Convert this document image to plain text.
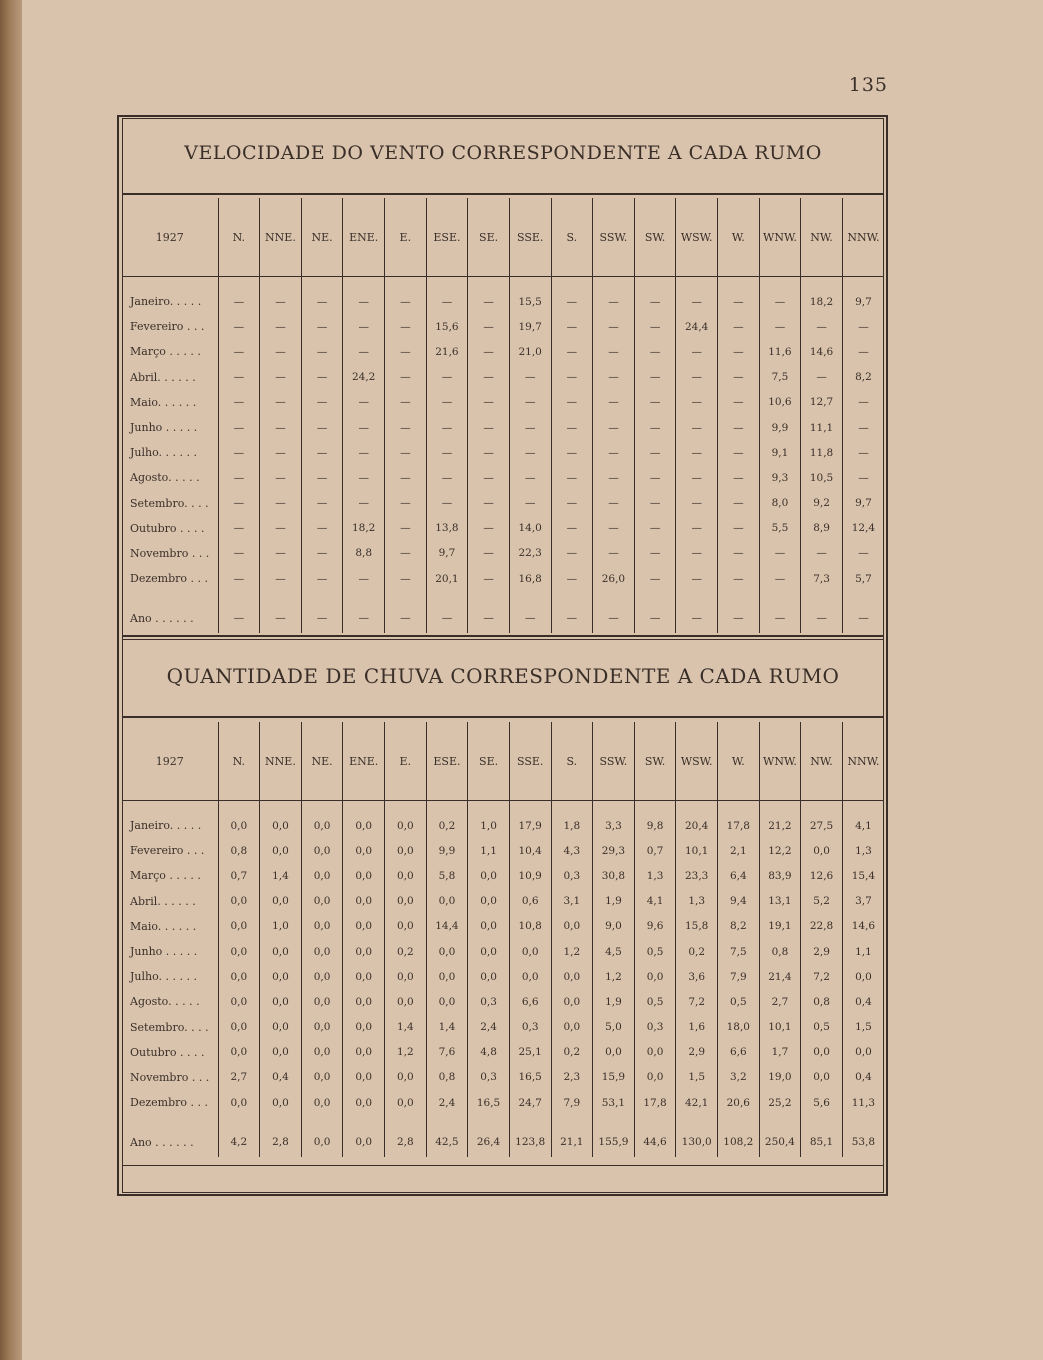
135
VELOCIDADE DO VENTO CORRESPONDENTE A CADA RUMO
1927	N.	NNE.	NE.	ENE.	E.	ESE.	SE.	SSE.	S.	SSW.	SW.	WSW.	W.	WNW.	NW.	NNW.

Janeiro. . . . .	—	—	—	—	—	—	—	15,5	—	—	—	—	—	—	18,2	9,7
Fevereiro . . .	—	—	—	—	—	15,6	—	19,7	—	—	—	24,4	—	—	—	—
Março . . . . .	—	—	—	—	—	21,6	—	21,0	—	—	—	—	—	11,6	14,6	—
Abril. . . . . .	—	—	—	24,2	—	—	—	—	—	—	—	—	—	7,5	—	8,2
Maio. . . . . .	—	—	—	—	—	—	—	—	—	—	—	—	—	10,6	12,7	—
Junho . . . . .	—	—	—	—	—	—	—	—	—	—	—	—	—	9,9	11,1	—
Julho. . . . . .	—	—	—	—	—	—	—	—	—	—	—	—	—	9,1	11,8	—
Agosto. . . . .	—	—	—	—	—	—	—	—	—	—	—	—	—	9,3	10,5	—
Setembro. . . .	—	—	—	—	—	—	—	—	—	—	—	—	—	8,0	9,2	9,7
Outubro . . . .	—	—	—	18,2	—	13,8	—	14,0	—	—	—	—	—	5,5	8,9	12,4
Novembro . . .	—	—	—	8,8	—	9,7	—	22,3	—	—	—	—	—	—	—	—
Dezembro . . .	—	—	—	—	—	20,1	—	16,8	—	26,0	—	—	—	—	7,3	5,7

Ano . . . . . .	—	—	—	—	—	—	—	—	—	—	—	—	—	—	—	—
QUANTIDADE DE CHUVA CORRESPONDENTE A CADA RUMO
1927	N.	NNE.	NE.	ENE.	E.	ESE.	SE.	SSE.	S.	SSW.	SW.	WSW.	W.	WNW.	NW.	NNW.

Janeiro. . . . .	0,0	0,0	0,0	0,0	0,0	0,2	1,0	17,9	1,8	3,3	9,8	20,4	17,8	21,2	27,5	4,1
Fevereiro . . .	0,8	0,0	0,0	0,0	0,0	9,9	1,1	10,4	4,3	29,3	0,7	10,1	2,1	12,2	0,0	1,3
Março . . . . .	0,7	1,4	0,0	0,0	0,0	5,8	0,0	10,9	0,3	30,8	1,3	23,3	6,4	83,9	12,6	15,4
Abril. . . . . .	0,0	0,0	0,0	0,0	0,0	0,0	0,0	0,6	3,1	1,9	4,1	1,3	9,4	13,1	5,2	3,7
Maio. . . . . .	0,0	1,0	0,0	0,0	0,0	14,4	0,0	10,8	0,0	9,0	9,6	15,8	8,2	19,1	22,8	14,6
Junho . . . . .	0,0	0,0	0,0	0,0	0,2	0,0	0,0	0,0	1,2	4,5	0,5	0,2	7,5	0,8	2,9	1,1
Julho. . . . . .	0,0	0,0	0,0	0,0	0,0	0,0	0,0	0,0	0,0	1,2	0,0	3,6	7,9	21,4	7,2	0,0
Agosto. . . . .	0,0	0,0	0,0	0,0	0,0	0,0	0,3	6,6	0,0	1,9	0,5	7,2	0,5	2,7	0,8	0,4
Setembro. . . .	0,0	0,0	0,0	0,0	1,4	1,4	2,4	0,3	0,0	5,0	0,3	1,6	18,0	10,1	0,5	1,5
Outubro . . . .	0,0	0,0	0,0	0,0	1,2	7,6	4,8	25,1	0,2	0,0	0,0	2,9	6,6	1,7	0,0	0,0
Novembro . . .	2,7	0,4	0,0	0,0	0,0	0,8	0,3	16,5	2,3	15,9	0,0	1,5	3,2	19,0	0,0	0,4
Dezembro . . .	0,0	0,0	0,0	0,0	0,0	2,4	16,5	24,7	7,9	53,1	17,8	42,1	20,6	25,2	5,6	11,3

Ano . . . . . .	4,2	2,8	0,0	0,0	2,8	42,5	26,4	123,8	21,1	155,9	44,6	130,0	108,2	250,4	85,1	53,8
